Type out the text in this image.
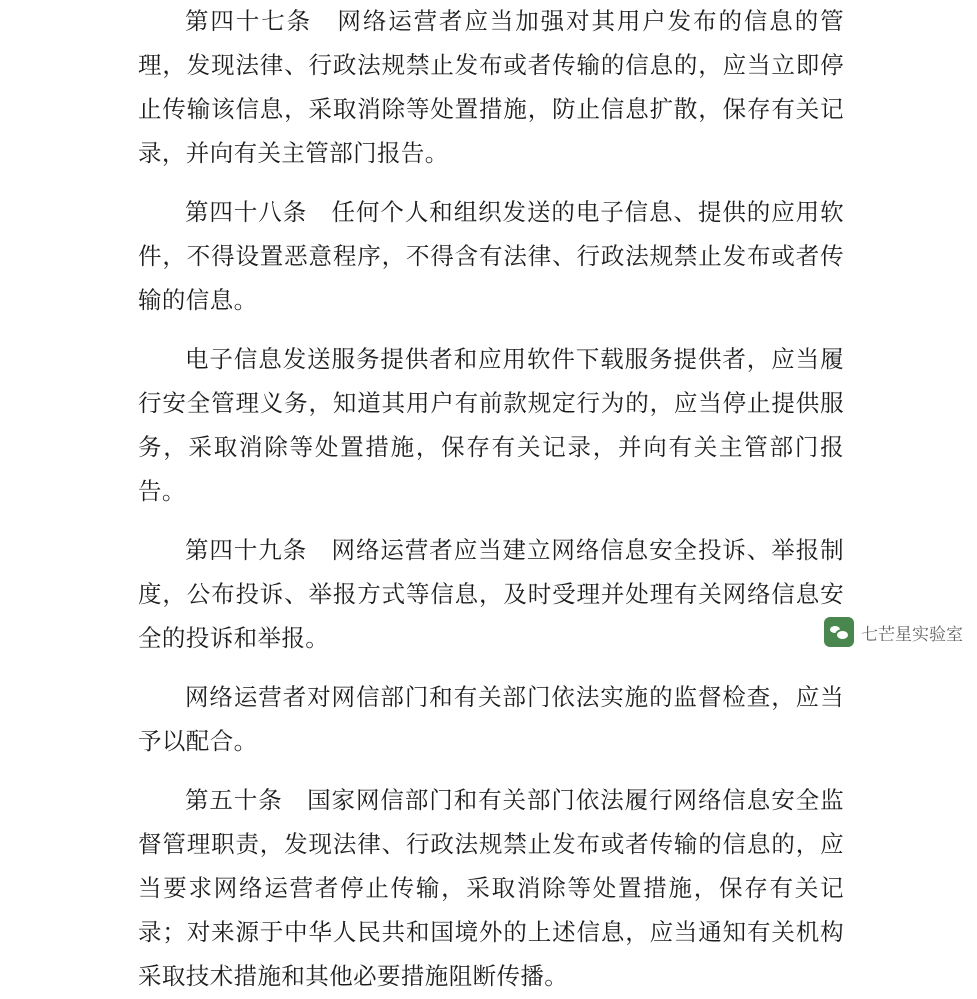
第四十七条　网络运营者应当加强对其用户发布的信息的管理，发现法律、行政法规禁止发布或者传输的信息的，应当立即停止传输该信息，采取消除等处置措施，防止信息扩散，保存有关记录，并向有关主管部门报告。

第四十八条　任何个人和组织发送的电子信息、提供的应用软件，不得设置恶意程序，不得含有法律、行政法规禁止发布或者传输的信息。

电子信息发送服务提供者和应用软件下载服务提供者，应当履行安全管理义务，知道其用户有前款规定行为的，应当停止提供服务，采取消除等处置措施，保存有关记录，并向有关主管部门报告。

第四十九条　网络运营者应当建立网络信息安全投诉、举报制度，公布投诉、举报方式等信息，及时受理并处理有关网络信息安全的投诉和举报。

网络运营者对网信部门和有关部门依法实施的监督检查，应当予以配合。

第五十条　国家网信部门和有关部门依法履行网络信息安全监督管理职责，发现法律、行政法规禁止发布或者传输的信息的，应当要求网络运营者停止传输，采取消除等处置措施，保存有关记录；对来源于中华人民共和国境外的上述信息，应当通知有关机构采取技术措施和其他必要措施阻断传播。

七芒星实验室
